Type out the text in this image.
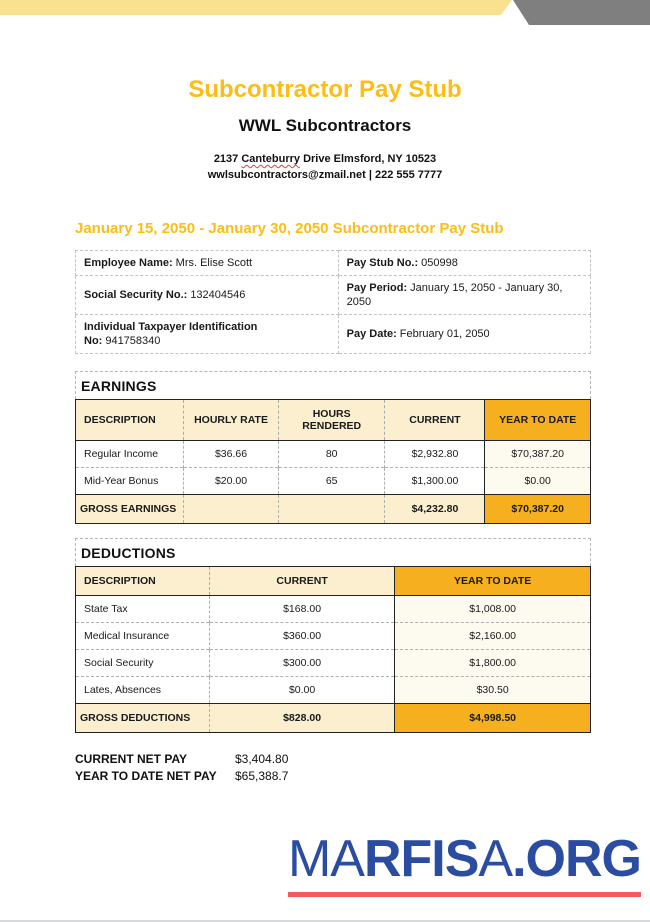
Subcontractor Pay Stub
WWL Subcontractors
2137 Canteburry Drive Elmsford, NY 10523
wwlsubcontractors@zmail.net | 222 555 7777
January 15, 2050 - January 30, 2050 Subcontractor Pay Stub
Employee Name: Mrs. Elise Scott	Pay Stub No.: 050998
Social Security No.: 132404546	Pay Period: January 15, 2050 - January 30, 2050
Individual Taxpayer Identification No: 941758340	Pay Date: February 01, 2050
EARNINGS
DESCRIPTION	HOURLY RATE	HOURS RENDERED	CURRENT	YEAR TO DATE
Regular Income	$36.66	80	$2,932.80	$70,387.20
Mid-Year Bonus	$20.00	65	$1,300.00	$0.00
GROSS EARNINGS			$4,232.80	$70,387.20
DEDUCTIONS
DESCRIPTION	CURRENT	YEAR TO DATE
State Tax	$168.00	$1,008.00
Medical Insurance	$360.00	$2,160.00
Social Security	$300.00	$1,800.00
Lates, Absences	$0.00	$30.50
GROSS DEDUCTIONS	$828.00	$4,998.50
CURRENT NET PAY	$3,404.80
YEAR TO DATE NET PAY	$65,388.7
MARFISA.ORG
